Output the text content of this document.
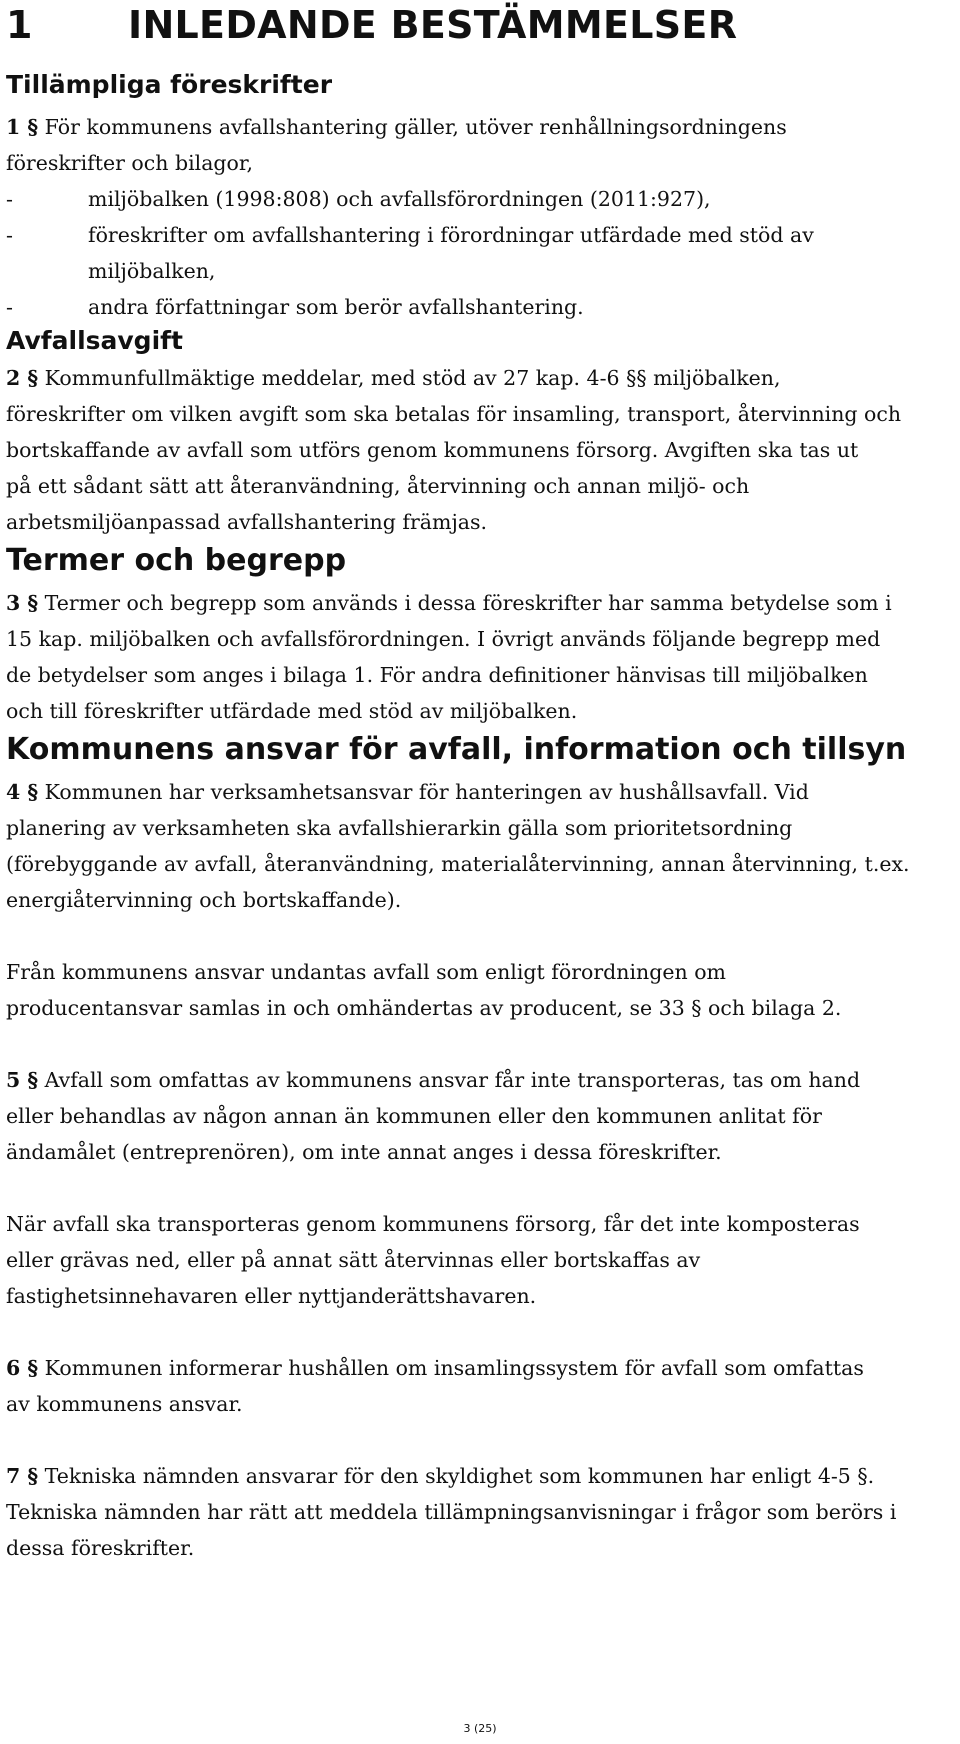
1	INLEDANDE BESTÄMMELSER
Tillämpliga föreskrifter

1 § För kommunens avfallshantering gäller, utöver renhållningsordningens

föreskrifter och bilagor,

-miljöbalken (1998:808) och avfallsförordningen (2011:927),

-föreskrifter om avfallshantering i förordningar utfärdade med stöd av

miljöbalken,

-andra författningar som berör avfallshantering.

Avfallsavgift

2 § Kommunfullmäktige meddelar, med stöd av 27 kap. 4-6 §§ miljöbalken,

föreskrifter om vilken avgift som ska betalas för insamling, transport, återvinning och

bortskaffande av avfall som utförs genom kommunens försorg. Avgiften ska tas ut

på ett sådant sätt att återanvändning, återvinning och annan miljö- och

arbetsmiljöanpassad avfallshantering främjas.

Termer och begrepp

3 § Termer och begrepp som används i dessa föreskrifter har samma betydelse som i

15 kap. miljöbalken och avfallsförordningen. I övrigt används följande begrepp med

de betydelser som anges i bilaga 1. För andra definitioner hänvisas till miljöbalken

och till föreskrifter utfärdade med stöd av miljöbalken.

Kommunens ansvar för avfall, information och tillsyn

4 § Kommunen har verksamhetsansvar för hanteringen av hushållsavfall. Vid

planering av verksamheten ska avfallshierarkin gälla som prioritetsordning

(förebyggande av avfall, återanvändning, materialåtervinning, annan återvinning, t.ex.

energiåtervinning och bortskaffande).

Från kommunens ansvar undantas avfall som enligt förordningen om

producentansvar samlas in och omhändertas av producent, se 33 § och bilaga 2.

5 § Avfall som omfattas av kommunens ansvar får inte transporteras, tas om hand

eller behandlas av någon annan än kommunen eller den kommunen anlitat för

ändamålet (entreprenören), om inte annat anges i dessa föreskrifter.

När avfall ska transporteras genom kommunens försorg, får det inte komposteras

eller grävas ned, eller på annat sätt återvinnas eller bortskaffas av

fastighetsinnehavaren eller nyttjanderättshavaren.

6 § Kommunen informerar hushållen om insamlingssystem för avfall som omfattas

av kommunens ansvar.

7 § Tekniska nämnden ansvarar för den skyldighet som kommunen har enligt 4-5 §.

Tekniska nämnden har rätt att meddela tillämpningsanvisningar i frågor som berörs i

dessa föreskrifter.

3 (25)
